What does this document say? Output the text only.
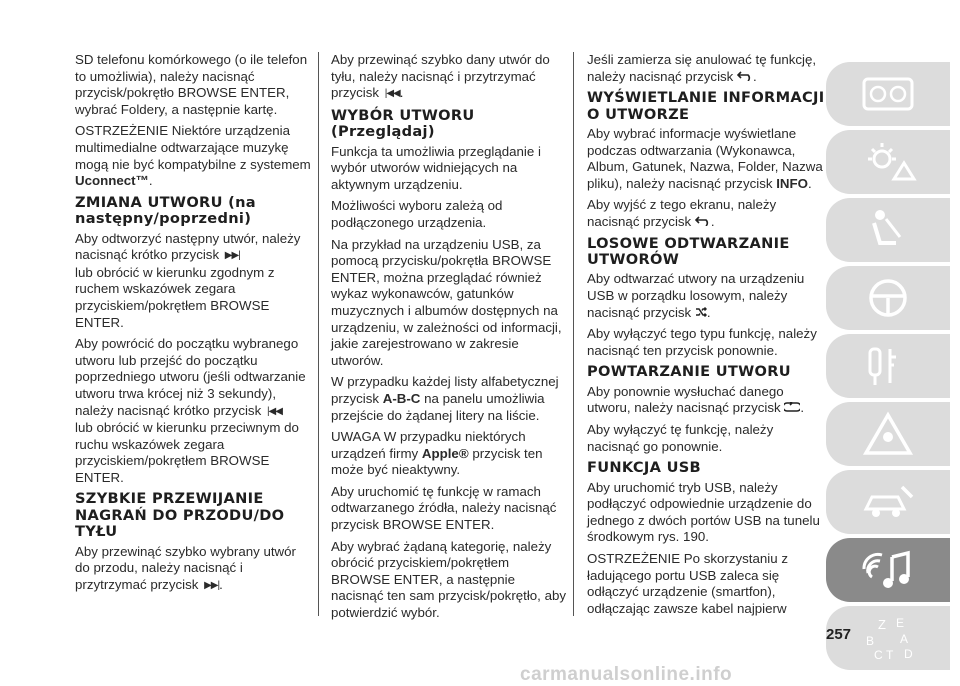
SD telefonu komórkowego (o ile telefon to umożliwia), należy nacisnąć przycisk/pokrętło BROWSE ENTER, wybrać Foldery, a następnie kartę.

OSTRZEŻENIE Niektóre urządzenia multimedialne odtwarzające muzykę mogą nie być kompatybilne z systemem Uconnect™.

ZMIANA UTWORU (na następny/poprzedni)

Aby odtworzyć następny utwór, należy nacisnąć krótko przycisk ▶▶|
lub obrócić w kierunku zgodnym z ruchem wskazówek zegara przyciskiem/pokrętłem BROWSE ENTER.

Aby powrócić do początku wybranego utworu lub przejść do początku poprzedniego utworu (jeśli odtwarzanie utworu trwa krócej niż 3 sekundy), należy nacisnąć krótko przycisk |◀◀
lub obrócić w kierunku przeciwnym do ruchu wskazówek zegara przyciskiem/pokrętłem BROWSE ENTER.

SZYBKIE PRZEWIJANIE NAGRAŃ DO PRZODU/DO TYŁU

Aby przewinąć szybko wybrany utwór do przodu, należy nacisnąć i przytrzymać przycisk ▶▶|.

Aby przewinąć szybko dany utwór do tyłu, należy nacisnąć i przytrzymać przycisk |◀◀.

WYBÓR UTWORU (Przeglądaj)

Funkcja ta umożliwia przeglądanie i wybór utworów widniejących na aktywnym urządzeniu.

Możliwości wyboru zależą od podłączonego urządzenia.

Na przykład na urządzeniu USB, za pomocą przycisku/pokrętła BROWSE ENTER, można przeglądać również wykaz wykonawców, gatunków muzycznych i albumów dostępnych na urządzeniu, w zależności od informacji, jakie zarejestrowano w zakresie utworów.

W przypadku każdej listy alfabetycznej przycisk A-B-C na panelu umożliwia przejście do żądanej litery na liście.

UWAGA W przypadku niektórych urządzeń firmy Apple® przycisk ten może być nieaktywny.

Aby uruchomić tę funkcję w ramach odtwarzanego źródła, należy nacisnąć przycisk BROWSE ENTER.

Aby wybrać żądaną kategorię, należy obrócić przyciskiem/pokrętłem BROWSE ENTER, a następnie nacisnąć ten sam przycisk/pokrętło, aby potwierdzić wybór.

Jeśli zamierza się anulować tę funkcję, należy nacisnąć przycisk .

WYŚWIETLANIE INFORMACJI O UTWORZE

Aby wybrać informacje wyświetlane podczas odtwarzania (Wykonawca, Album, Gatunek, Nazwa, Folder, Nazwa pliku), należy nacisnąć przycisk INFO.

Aby wyjść z tego ekranu, należy nacisnąć przycisk .

LOSOWE ODTWARZANIE UTWORÓW

Aby odtwarzać utwory na urządzeniu USB w porządku losowym, należy nacisnąć przycisk .

Aby wyłączyć tego typu funkcję, należy nacisnąć ten przycisk ponownie.

POWTARZANIE UTWORU

Aby ponownie wysłuchać danego utworu, należy nacisnąć przycisk .

Aby wyłączyć tę funkcję, należy nacisnąć go ponownie.

FUNKCJA USB

Aby uruchomić tryb USB, należy podłączyć odpowiednie urządzenie do jednego z dwóch portów USB na tunelu środkowym rys. 190.

OSTRZEŻENIE Po skorzystaniu z ładującego portu USB zaleca się odłączyć urządzenie (smartfon), odłączając zawsze kabel najpierw

Z E
B A
C T D
257
carmanualsonline.info
